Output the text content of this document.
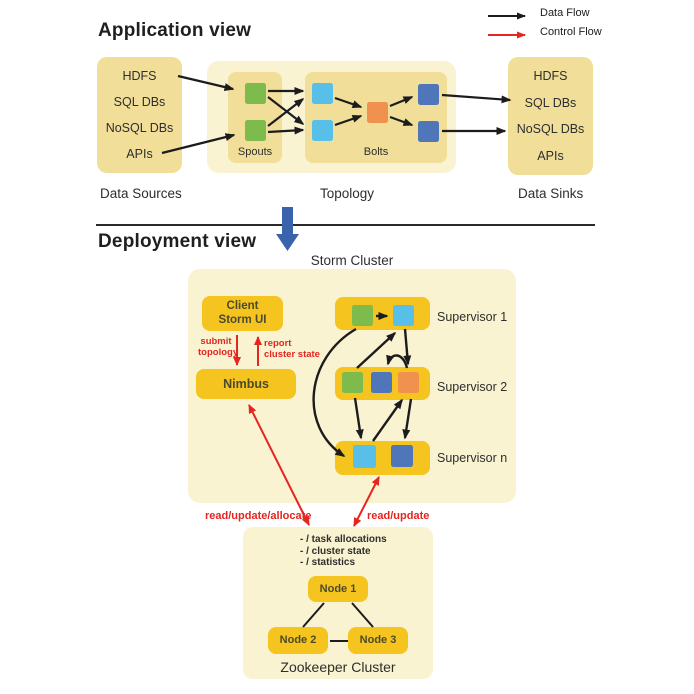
Application view
Data Flow
Control Flow
HDFS
SQL DBs
NoSQL DBs
APIs
Data Sources
Spouts	Bolts
Topology
HDFS
SQL DBs
NoSQL DBs
APIs
Data Sinks
Deployment view
Storm Cluster
Client
Storm UI
Nimbus
submit
topology
report
cluster state
read/update/allocate	read/update
Supervisor 1
Supervisor 2
Supervisor n
- / task allocations
- / cluster state
- / statistics
Node 1
Node 2	Node 3
Zookeeper Cluster
